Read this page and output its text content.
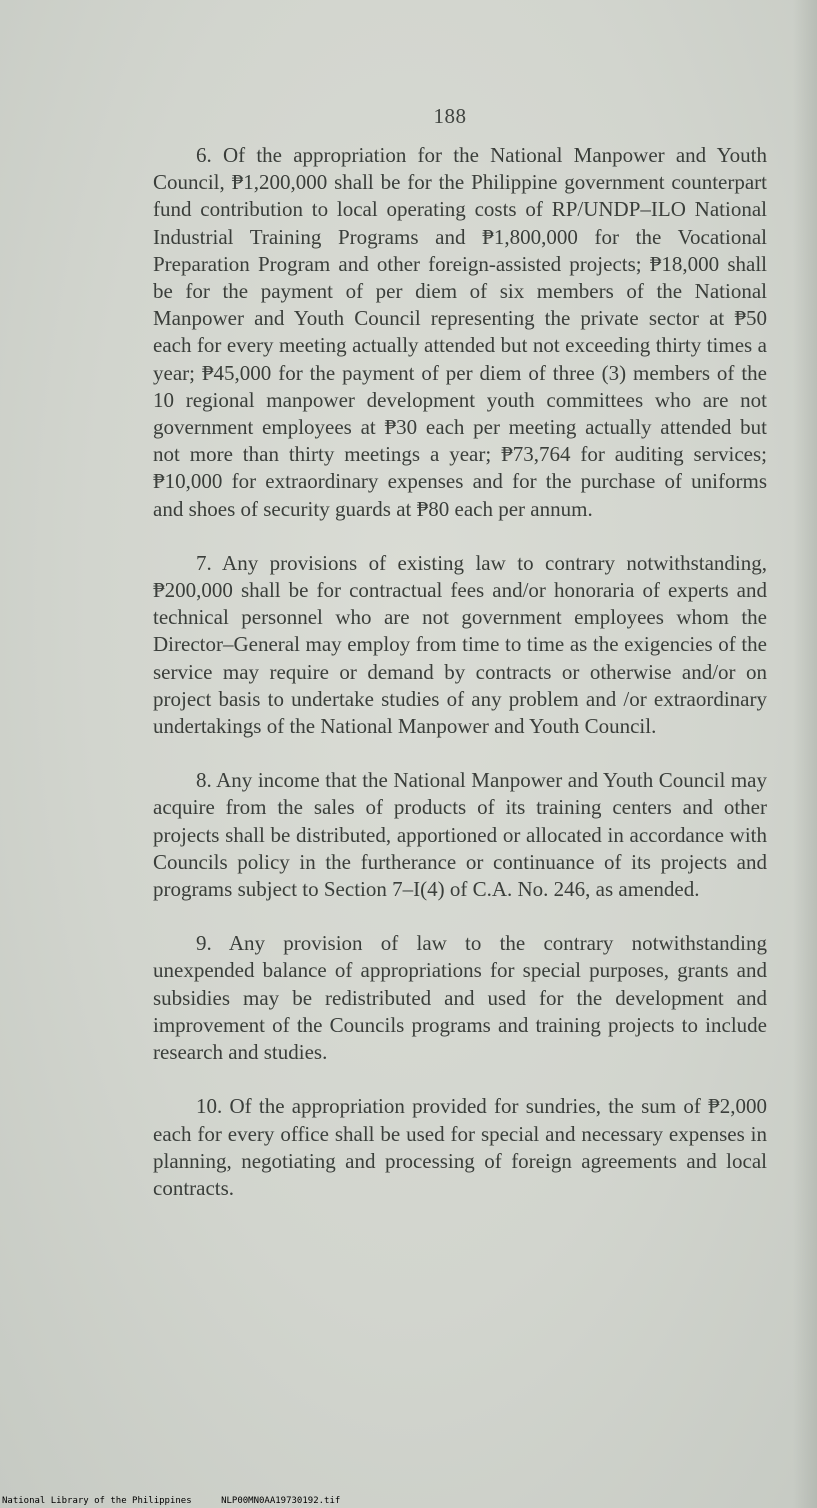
188

6. Of the appropriation for the National Manpower and Youth Council, ₱1,200,000 shall be for the Philippine government counterpart fund contribution to local operating costs of RP/UNDP–ILO National Industrial Training Programs and ₱1,800,000 for the Vocational Preparation Program and other foreign-assisted projects; ₱18,000 shall be for the payment of per diem of six members of the National Manpower and Youth Council representing the private sector at ₱50 each for every meeting actually attended but not exceeding thirty times a year; ₱45,000 for the payment of per diem of three (3) members of the 10 regional manpower development youth committees who are not government employees at ₱30 each per meeting actually attended but not more than thirty meetings a year; ₱73,764 for auditing services; ₱10,000 for extraordinary expenses and for the purchase of uniforms and shoes of security guards at ₱80 each per annum.

7. Any provisions of existing law to contrary notwithstanding, ₱200,000 shall be for contractual fees and/or honoraria of experts and technical personnel who are not government employees whom the Director–General may employ from time to time as the exigencies of the service may require or demand by contracts or otherwise and/or on project basis to undertake studies of any problem and /or extraordinary undertakings of the National Manpower and Youth Council.

8. Any income that the National Manpower and Youth Council may acquire from the sales of products of its training centers and other projects shall be distributed, apportioned or allocated in accordance with Councils policy in the furtherance or continuance of its projects and programs subject to Section 7–I(4) of C.A. No. 246, as amended.

9. Any provision of law to the contrary notwithstanding unexpended balance of appropriations for special purposes, grants and subsidies may be redistributed and used for the development and improvement of the Councils programs and training projects to include research and studies.

10. Of the appropriation provided for sundries, the sum of ₱2,000 each for every office shall be used for special and necessary expenses in planning, negotiating and processing of foreign agreements and local contracts.

National Library of the Philippines	NLP00MN0AA19730192.tif
